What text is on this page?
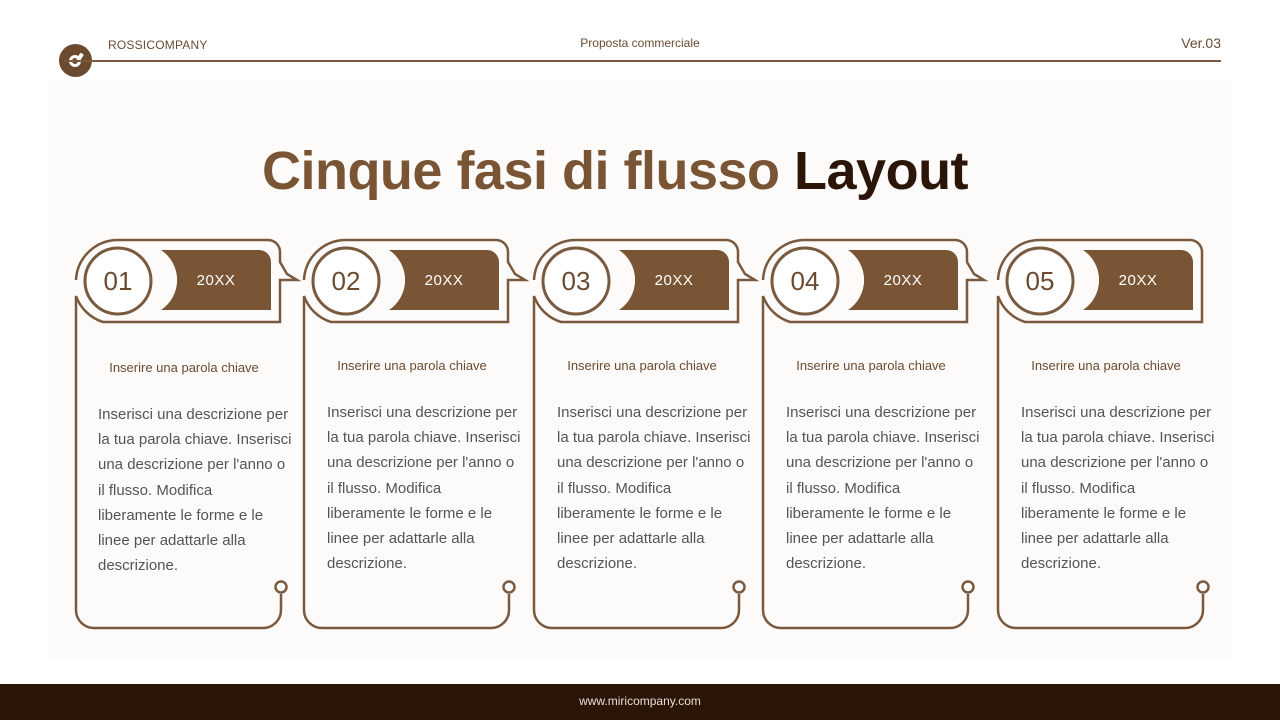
ROSSICOMPANY	Proposta commerciale	Ver.03
Cinque fasi di flusso Layout
01	20XX
Inserire una parola chiave
Inserisci una descrizione per la tua parola chiave. Inserisci una descrizione per l'anno o il flusso. Modifica liberamente le forme e le linee per adattarle alla descrizione.
02	20XX
Inserire una parola chiave
Inserisci una descrizione per la tua parola chiave. Inserisci una descrizione per l'anno o il flusso. Modifica liberamente le forme e le linee per adattarle alla descrizione.
03	20XX
Inserire una parola chiave
Inserisci una descrizione per la tua parola chiave. Inserisci una descrizione per l'anno o il flusso. Modifica liberamente le forme e le linee per adattarle alla descrizione.
04	20XX
Inserire una parola chiave
Inserisci una descrizione per la tua parola chiave. Inserisci una descrizione per l'anno o il flusso. Modifica liberamente le forme e le linee per adattarle alla descrizione.
05	20XX
Inserire una parola chiave
Inserisci una descrizione per la tua parola chiave. Inserisci una descrizione per l'anno o il flusso. Modifica liberamente le forme e le linee per adattarle alla descrizione.
www.miricompany.com
